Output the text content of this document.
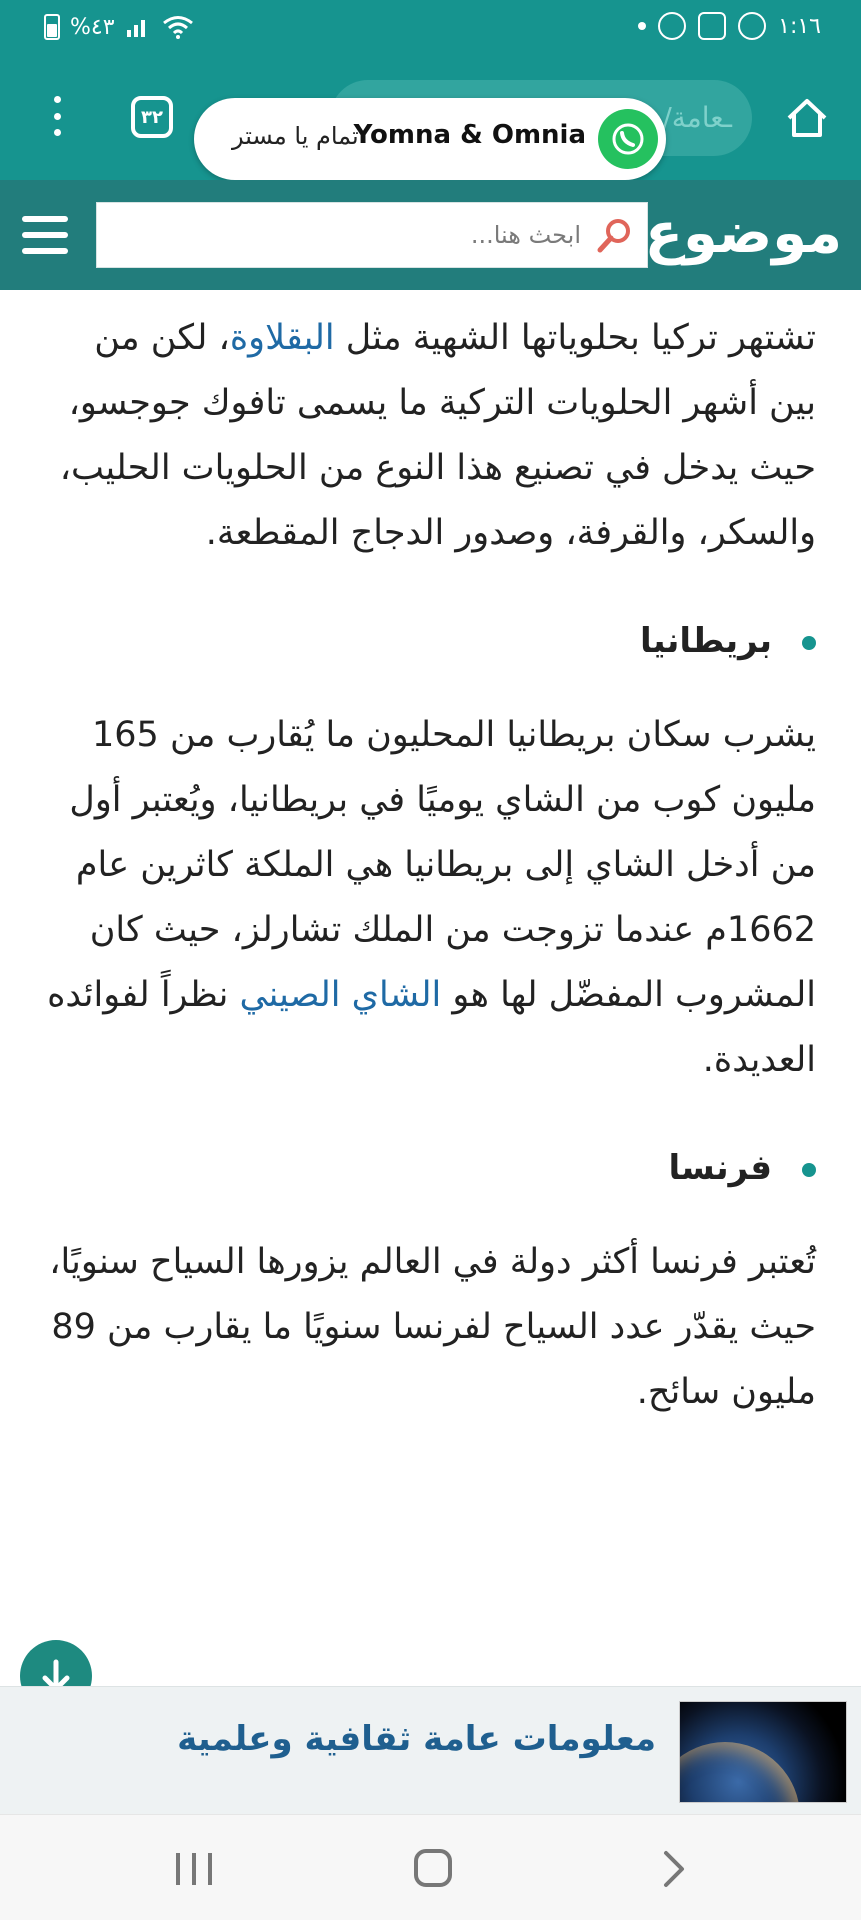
%٤٣	١:١٦
٣٢	ـعامة/
تمام يا مستر
Yomna & Omnia
ابحث هنا...
موضوع

تشتهر تركيا بحلوياتها الشهية مثل البقلاوة، لكن من بين أشهر الحلويات التركية ما يسمى تافوك جوجسو، حيث يدخل في تصنيع هذا النوع من الحلويات الحليب، والسكر، والقرفة، وصدور الدجاج المقطعة.

بريطانيا

يشرب سكان بريطانيا المحليون ما يُقارب من 165 مليون كوب من الشاي يوميًا في بريطانيا، ويُعتبر أول من أدخل الشاي إلى بريطانيا هي الملكة كاثرين عام 1662م عندما تزوجت من الملك تشارلز، حيث كان المشروب المفضّل لها هو الشاي الصيني نظراً لفوائده العديدة.

فرنسا

تُعتبر فرنسا أكثر دولة في العالم يزورها السياح سنويًا، حيث يقدّر عدد السياح لفرنسا سنويًا ما يقارب من 89 مليون سائح.

معلومات عامة ثقافية وعلمية
